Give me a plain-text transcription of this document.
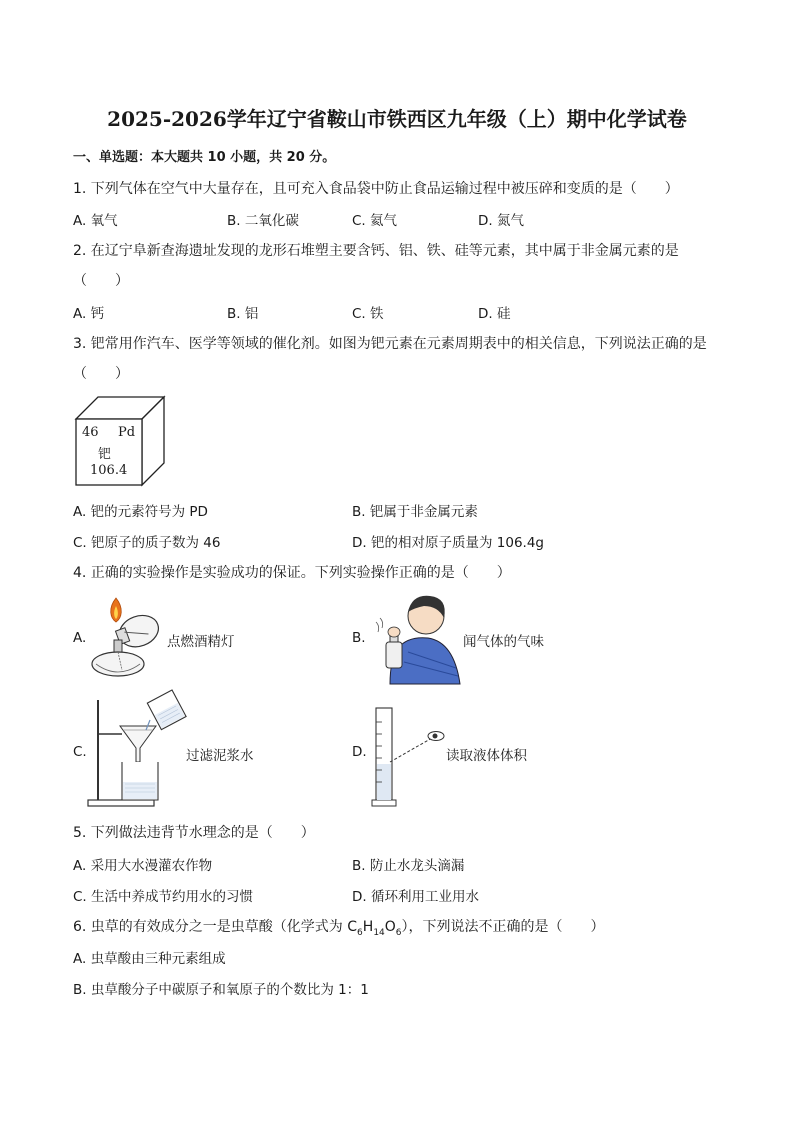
2025-2026学年辽宁省鞍山市铁西区九年级（上）期中化学试卷
一、单选题：本大题共 10 小题，共 20 分。
1. 下列气体在空气中大量存在，且可充入食品袋中防止食品运输过程中被压碎和变质的是（　　）
A. 氧气	B. 二氧化碳	C. 氦气	D. 氮气
2. 在辽宁阜新查海遗址发现的龙形石堆塑主要含钙、铝、铁、硅等元素，其中属于非金属元素的是
（　　）
A. 钙	B. 铝	C. 铁	D. 硅
3. 钯常用作汽车、医学等领域的催化剂。如图为钯元素在元素周期表中的相关信息，下列说法正确的是
（　　）
46 Pd
钯
106.4
A. 钯的元素符号为 PD	B. 钯属于非金属元素
C. 钯原子的质子数为 46	D. 钯的相对原子质量为 106.4g
4. 正确的实验操作是实验成功的保证。下列实验操作正确的是（　　）
A.	点燃酒精灯	B.	闻气体的气味
C.	过滤泥浆水	D.	读取液体体积
5. 下列做法违背节水理念的是（　　）
A. 采用大水漫灌农作物	B. 防止水龙头滴漏
C. 生活中养成节约用水的习惯	D. 循环利用工业用水
6. 虫草的有效成分之一是虫草酸（化学式为 $C_6H_{14}O_6$），下列说法不正确的是（　　）
A. 虫草酸由三种元素组成
B. 虫草酸分子中碳原子和氧原子的个数比为 1：1
